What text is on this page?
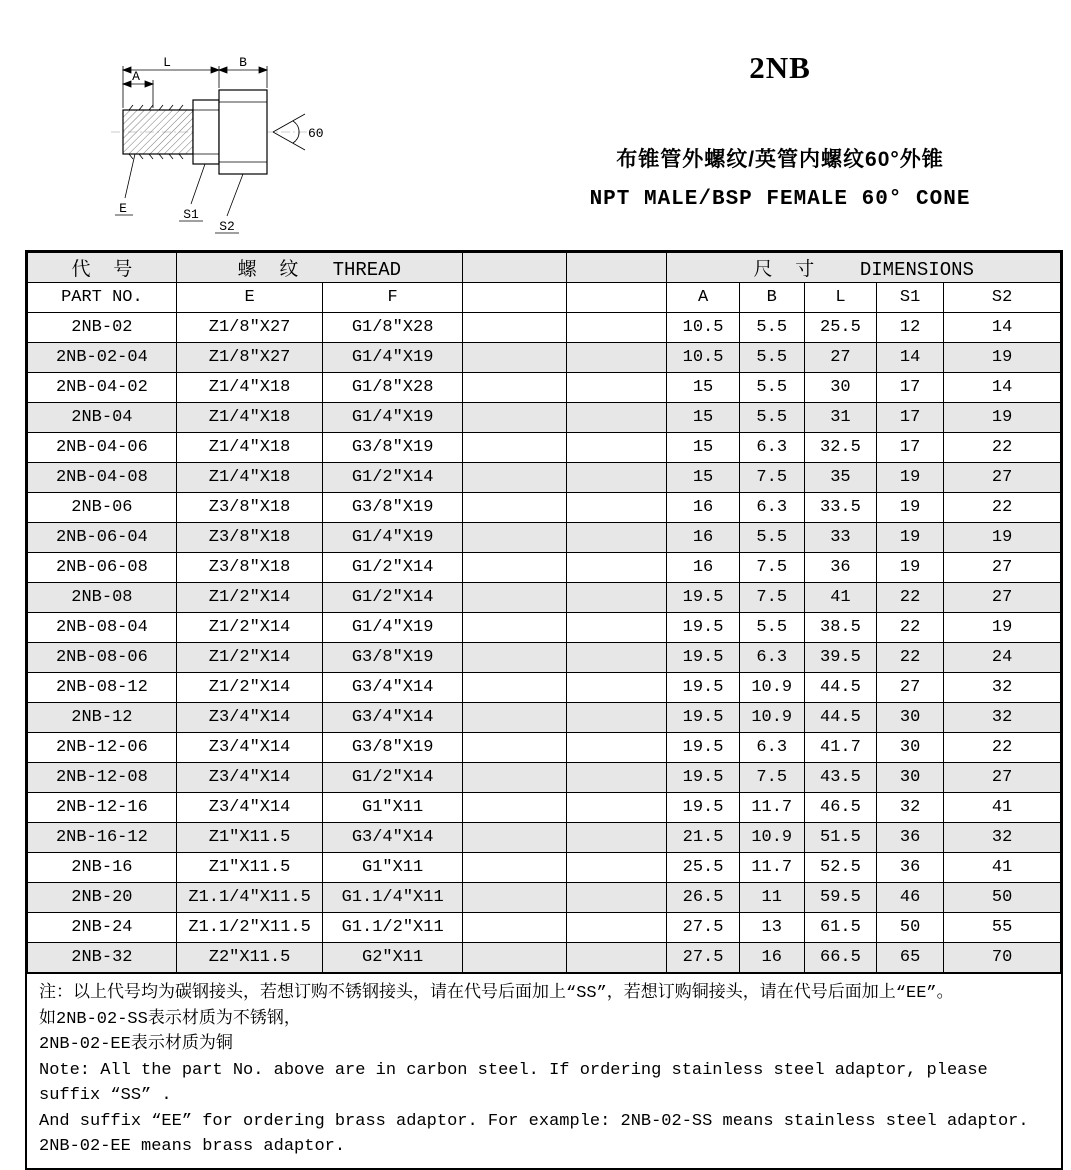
L	B
A
E	S1
S2
60
2NB
布锥管外螺纹/英管内螺纹60°外锥
NPT MALE/BSP FEMALE 60° CONE
代  号	螺  纹   THREAD				尺  寸    DIMENSIONS				
PART NO.	E	F			A	B	L	S1	S2
2NB-02	Z1/8″X27	G1/8″X28			10.5	5.5	25.5	12	14
2NB-02-04	Z1/8″X27	G1/4″X19			10.5	5.5	27	14	19
2NB-04-02	Z1/4″X18	G1/8″X28			15	5.5	30	17	14
2NB-04	Z1/4″X18	G1/4″X19			15	5.5	31	17	19
2NB-04-06	Z1/4″X18	G3/8″X19			15	6.3	32.5	17	22
2NB-04-08	Z1/4″X18	G1/2″X14			15	7.5	35	19	27
2NB-06	Z3/8″X18	G3/8″X19			16	6.3	33.5	19	22
2NB-06-04	Z3/8″X18	G1/4″X19			16	5.5	33	19	19
2NB-06-08	Z3/8″X18	G1/2″X14			16	7.5	36	19	27
2NB-08	Z1/2″X14	G1/2″X14			19.5	7.5	41	22	27
2NB-08-04	Z1/2″X14	G1/4″X19			19.5	5.5	38.5	22	19
2NB-08-06	Z1/2″X14	G3/8″X19			19.5	6.3	39.5	22	24
2NB-08-12	Z1/2″X14	G3/4″X14			19.5	10.9	44.5	27	32
2NB-12	Z3/4″X14	G3/4″X14			19.5	10.9	44.5	30	32
2NB-12-06	Z3/4″X14	G3/8″X19			19.5	6.3	41.7	30	22
2NB-12-08	Z3/4″X14	G1/2″X14			19.5	7.5	43.5	30	27
2NB-12-16	Z3/4″X14	G1″X11			19.5	11.7	46.5	32	41
2NB-16-12	Z1″X11.5	G3/4″X14			21.5	10.9	51.5	36	32
2NB-16	Z1″X11.5	G1″X11			25.5	11.7	52.5	36	41
2NB-20	Z1.1/4″X11.5	G1.1/4″X11			26.5	11	59.5	46	50
2NB-24	Z1.1/2″X11.5	G1.1/2″X11			27.5	13	61.5	50	55
2NB-32	Z2″X11.5	G2″X11			27.5	16	66.5	65	70
注：以上代号均为碳钢接头，若想订购不锈钢接头，请在代号后面加上“SS”，若想订购铜接头，请在代号后面加上“EE”。
如2NB-02-SS表示材质为不锈钢，
2NB-02-EE表示材质为铜
Note: All the part No. above are in carbon steel. If ordering stainless steel adaptor, please suffix “SS” .
And suffix “EE” for ordering brass adaptor. For example: 2NB-02-SS means stainless steel adaptor.
2NB-02-EE means brass adaptor.
